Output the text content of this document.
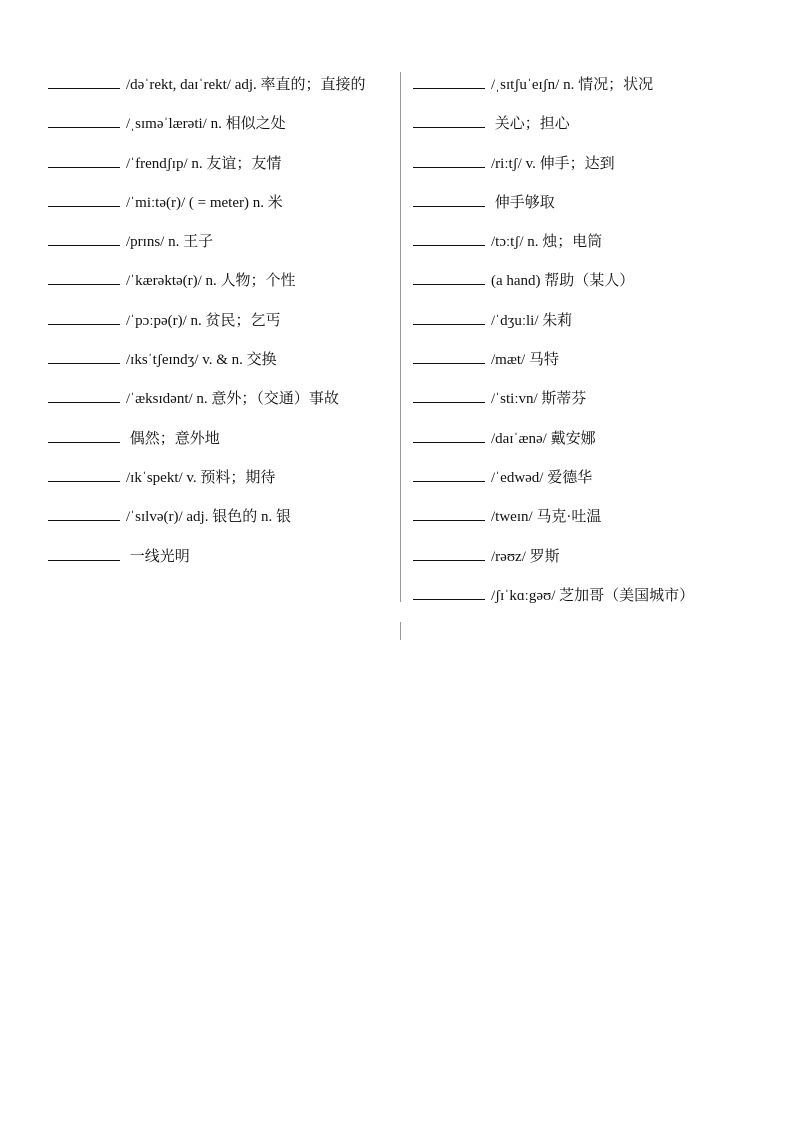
/dəˈrekt, daɪˈrekt/ adj. 率直的；直接的
/ˌsɪməˈlærəti/ n. 相似之处
/ˈfrendʃɪp/ n. 友谊；友情
/ˈmiːtə(r)/ ( = meter) n. 米
/prɪns/ n. 王子
/ˈkærəktə(r)/ n. 人物；个性
/ˈpɔːpə(r)/ n. 贫民；乞丐
/ɪksˈtʃeɪndʒ/ v. & n. 交换
/ˈæksɪdənt/ n. 意外；（交通）事故
偶然；意外地
/ɪkˈspekt/ v. 预料；期待
/ˈsɪlvə(r)/ adj. 银色的 n. 银
一线光明
/ˌsɪtʃuˈeɪʃn/ n. 情况；状况
关心；担心
/riːtʃ/ v. 伸手；达到
伸手够取
/tɔːtʃ/ n. 烛；电筒
(a hand) 帮助（某人）
/ˈdʒuːli/ 朱莉
/mæt/ 马特
/ˈstiːvn/ 斯蒂芬
/daɪˈænə/ 戴安娜
/ˈedwəd/ 爱德华
/tweɪn/ 马克·吐温
/rəʊz/ 罗斯
/ʃɪˈkɑːgəʊ/ 芝加哥（美国城市）
